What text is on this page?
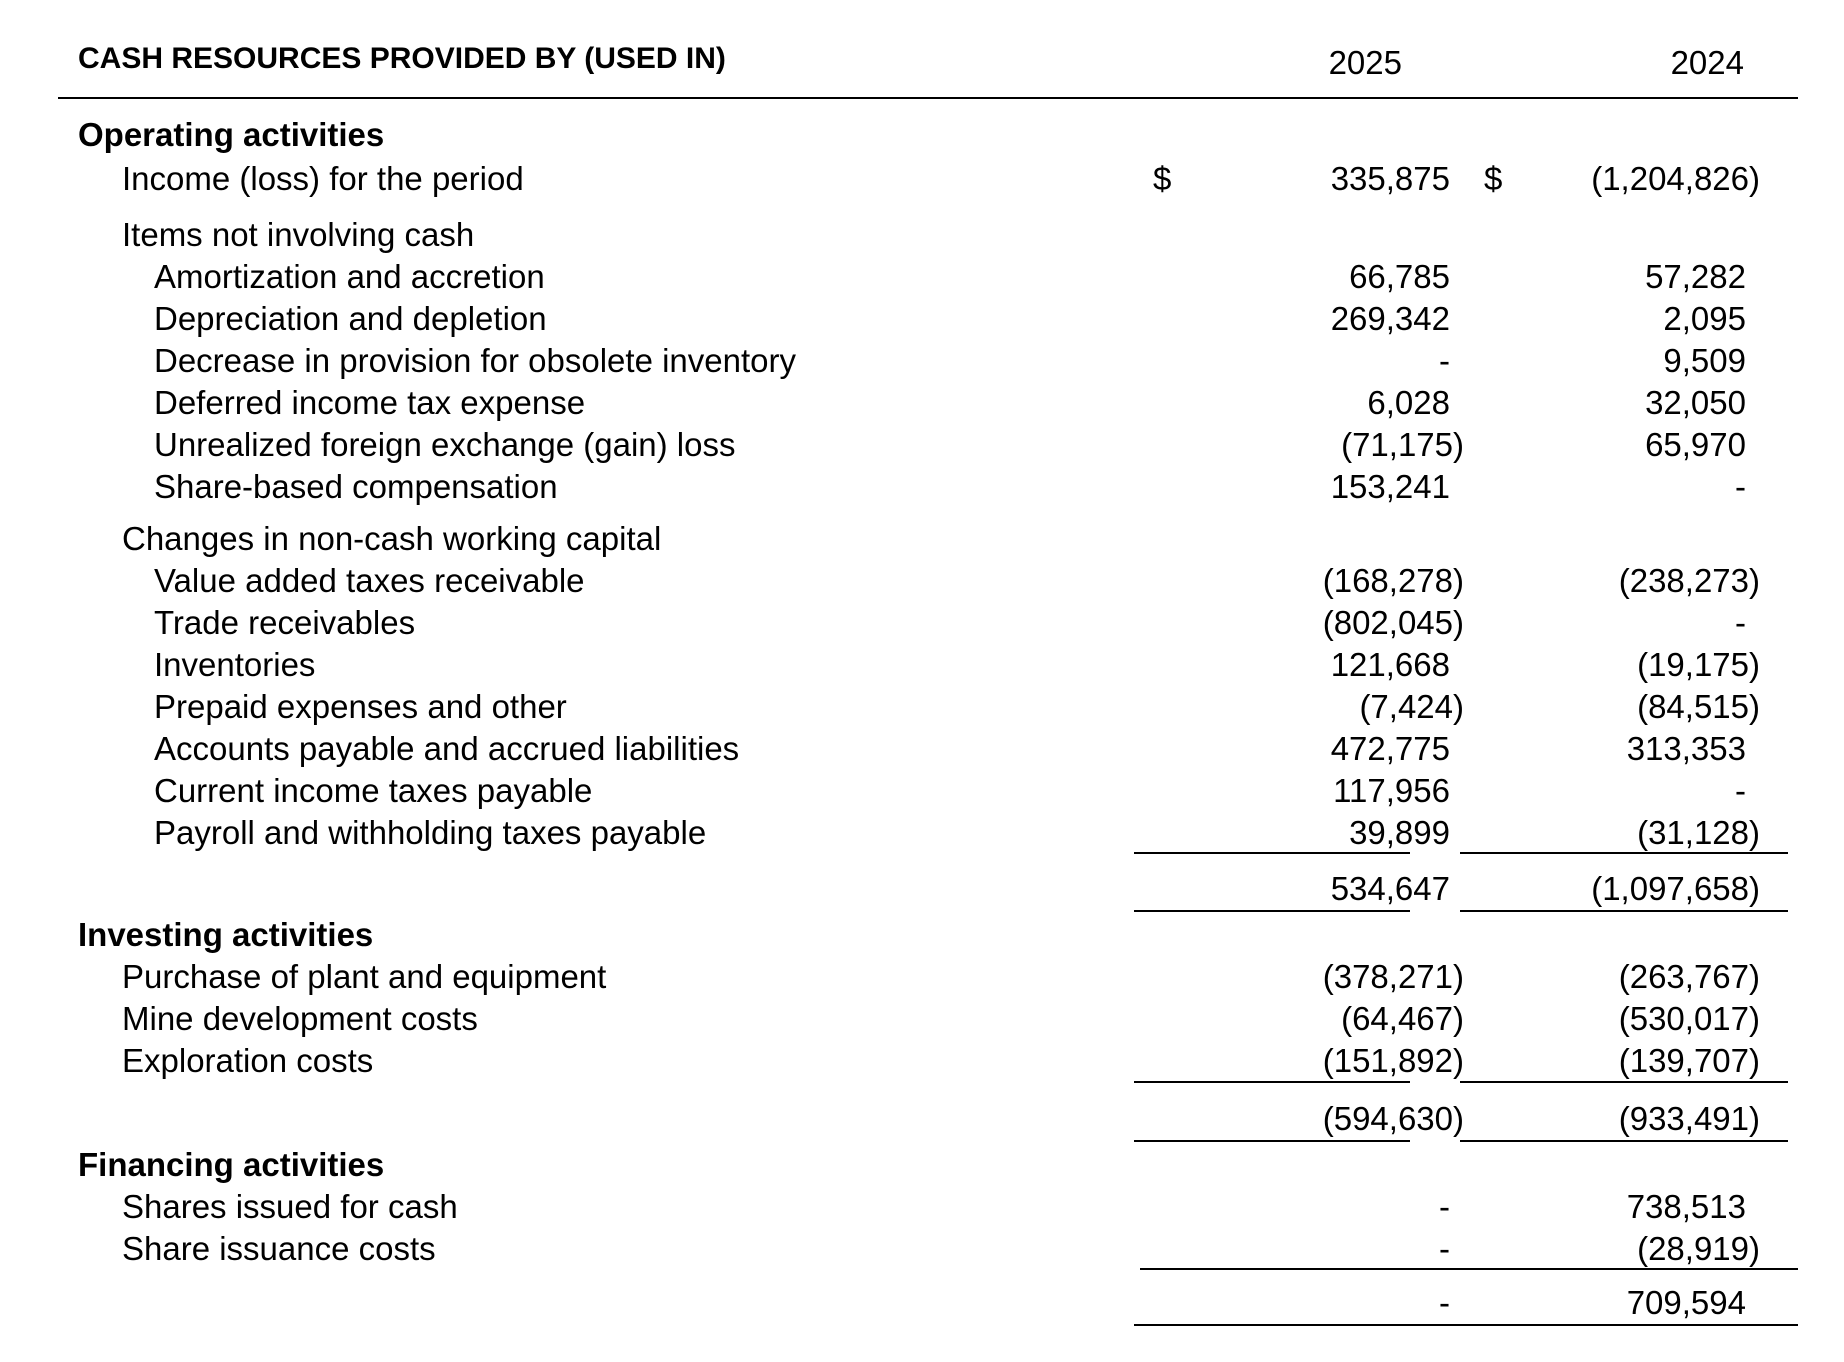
CASH RESOURCES PROVIDED BY (USED IN)	2025	2024
Operating activities
Income (loss) for the period	$	335,875	$	(1,204,826)
Items not involving cash
Amortization and accretion	66,785	57,282
Depreciation and depletion	269,342	2,095
Decrease in provision for obsolete inventory	-	9,509
Deferred income tax expense	6,028	32,050
Unrealized foreign exchange (gain) loss	(71,175)	65,970
Share-based compensation	153,241	-
Changes in non-cash working capital
Value added taxes receivable	(168,278)	(238,273)
Trade receivables	(802,045)	-
Inventories	121,668	(19,175)
Prepaid expenses and other	(7,424)	(84,515)
Accounts payable and accrued liabilities	472,775	313,353
Current income taxes payable	117,956	-
Payroll and withholding taxes payable	39,899	(31,128)
534,647	(1,097,658)
Investing activities
Purchase of plant and equipment	(378,271)	(263,767)
Mine development costs	(64,467)	(530,017)
Exploration costs	(151,892)	(139,707)
(594,630)	(933,491)
Financing activities
Shares issued for cash	-	738,513
Share issuance costs	-	(28,919)
-	709,594
